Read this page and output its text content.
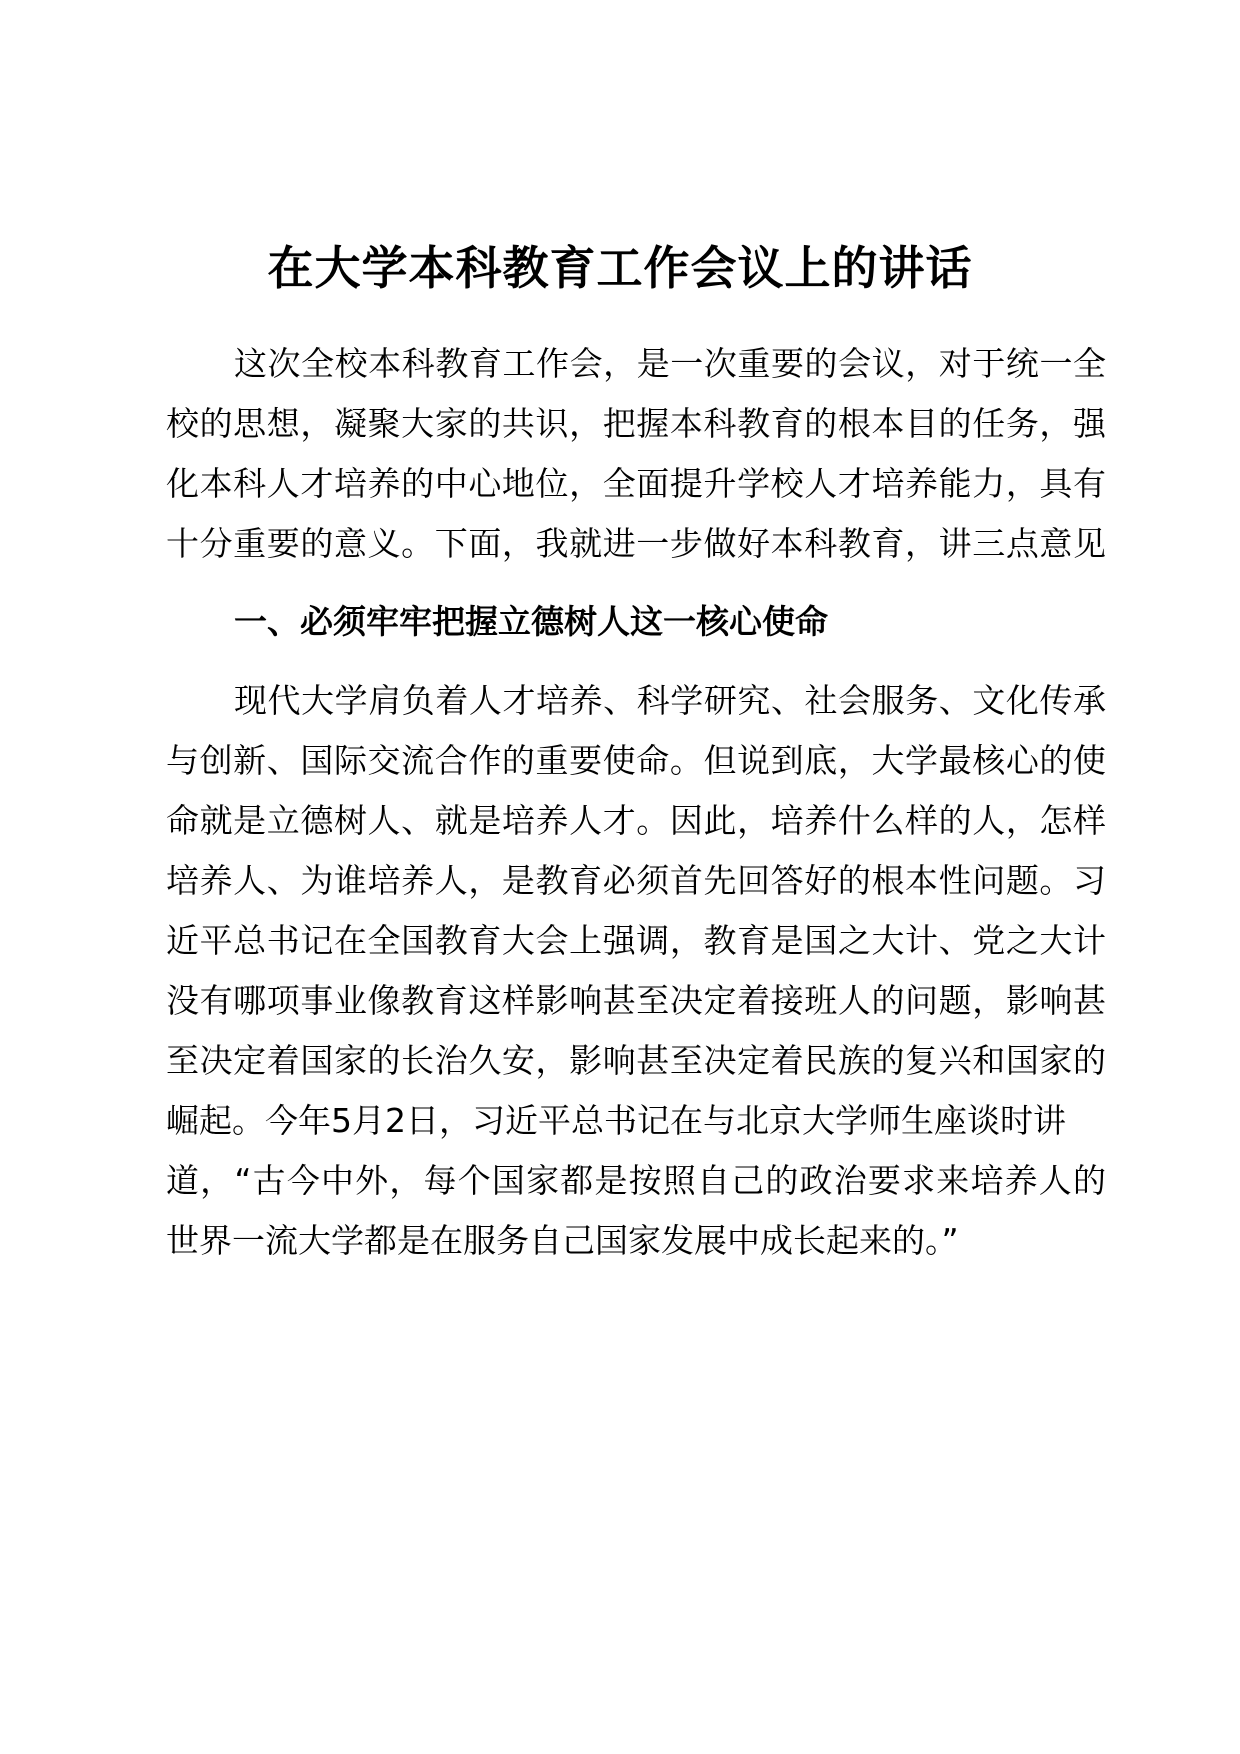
在大学本科教育工作会议上的讲话
这次全校本科教育工作会，是一次重要的会议，对于统一全
校的思想，凝聚大家的共识，把握本科教育的根本目的任务，强
化本科人才培养的中心地位，全面提升学校人才培养能力，具有
十分重要的意义。下面，我就进一步做好本科教育，讲三点意见
一、必须牢牢把握立德树人这一核心使命
现代大学肩负着人才培养、科学研究、社会服务、文化传承
与创新、国际交流合作的重要使命。但说到底，大学最核心的使
命就是立德树人、就是培养人才。因此，培养什么样的人，怎样
培养人、为谁培养人，是教育必须首先回答好的根本性问题。习
近平总书记在全国教育大会上强调，教育是国之大计、党之大计
没有哪项事业像教育这样影响甚至决定着接班人的问题，影响甚
至决定着国家的长治久安，影响甚至决定着民族的复兴和国家的
崛起。今年5月2日，习近平总书记在与北京大学师生座谈时讲
道，“古今中外，每个国家都是按照自己的政治要求来培养人的
世界一流大学都是在服务自己国家发展中成长起来的。”
